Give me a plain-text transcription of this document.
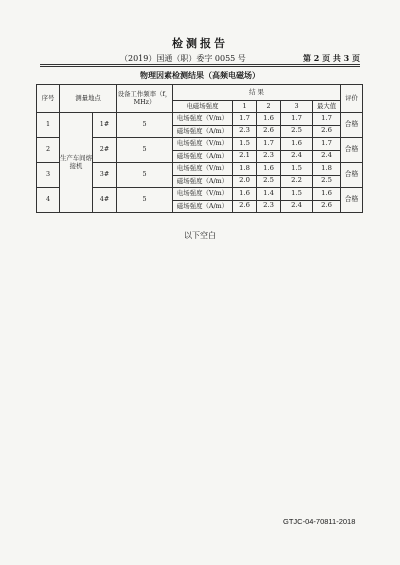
检测报告
（2019）国通（职）委字 0055 号	第 2 页 共 3 页
物理因素检测结果（高频电磁场）
序号	测量地点		设备工作频率（f，MHz）	结 果					评价
				电磁场强度	1	2	3	最大值	
1	生产车间熔接机	1#	5	电场强度（V/m）	1.7	1.6	1.7	1.7	合格
				磁场强度（A/m）	2.3	2.6	2.5	2.6	
2		2#	5	电场强度（V/m）	1.5	1.7	1.6	1.7	合格
				磁场强度（A/m）	2.1	2.3	2.4	2.4	
3		3#	5	电场强度（V/m）	1.8	1.6	1.5	1.8	合格
				磁场强度（A/m）	2.0	2.5	2.2	2.5	
4		4#	5	电场强度（V/m）	1.6	1.4	1.5	1.6	合格
				磁场强度（A/m）	2.6	2.3	2.4	2.6	
以下空白
GTJC-04-70811-2018
